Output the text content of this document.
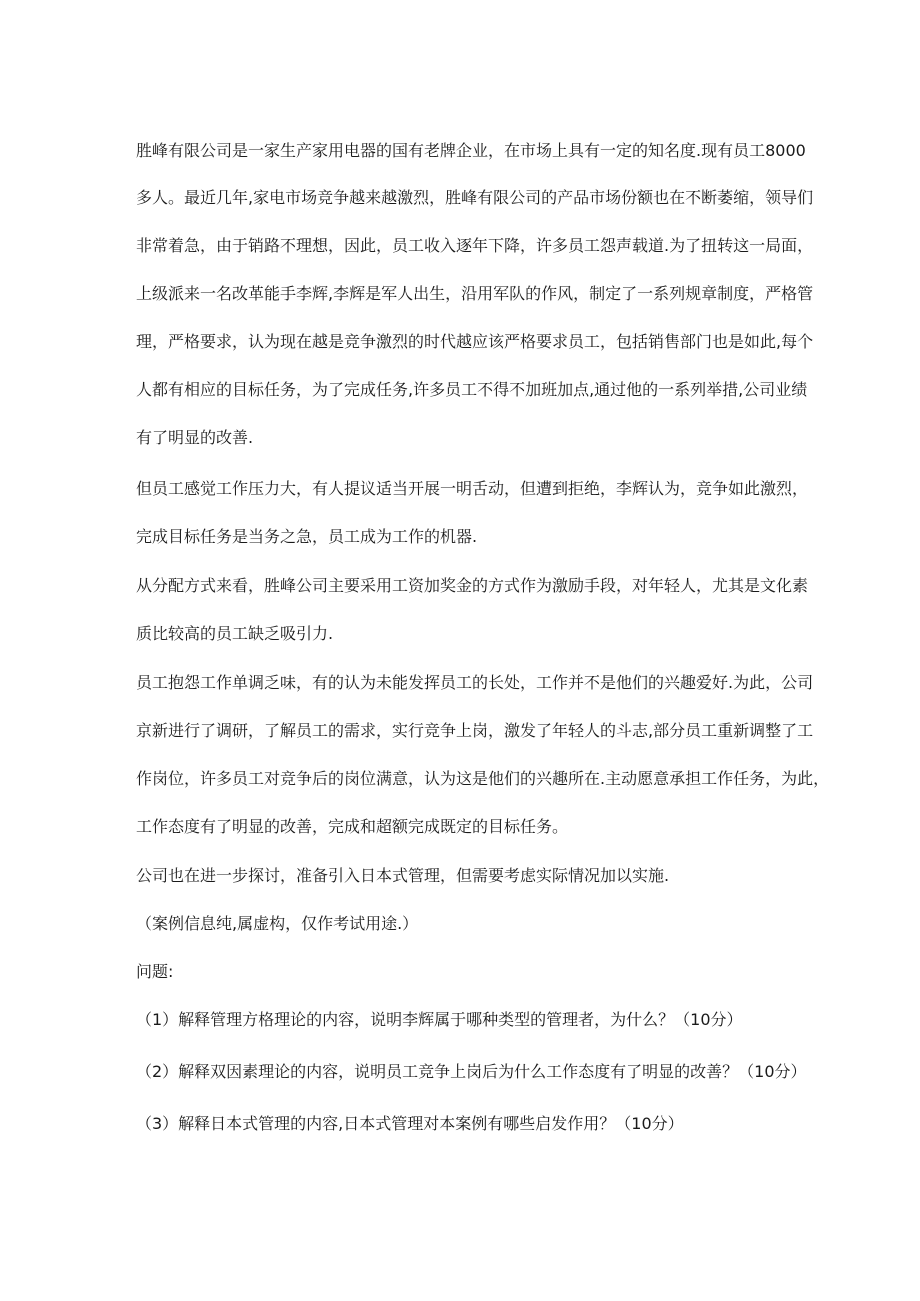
胜峰有限公司是一家生产家用电器的国有老牌企业，在市场上具有一定的知名度.现有员工8000
多人。最近几年,家电市场竞争越来越激烈，胜峰有限公司的产品市场份额也在不断萎缩，领导们
非常着急，由于销路不理想，因此，员工收入逐年下降，许多员工怨声载道.为了扭转这一局面，
上级派来一名改革能手李辉,李辉是军人出生，沿用军队的作风，制定了一系列规章制度，严格管
理，严格要求，认为现在越是竞争激烈的时代越应该严格要求员工，包括销售部门也是如此,每个
人都有相应的目标任务，为了完成任务,许多员工不得不加班加点,通过他的一系列举措,公司业绩
有了明显的改善.
但员工感觉工作压力大，有人提议适当开展一明舌动，但遭到拒绝，李辉认为，竞争如此激烈，
完成目标任务是当务之急，员工成为工作的机器.
从分配方式来看，胜峰公司主要采用工资加奖金的方式作为激励手段，对年轻人，尤其是文化素
质比较高的员工缺乏吸引力.
员工抱怨工作单调乏味，有的认为未能发挥员工的长处，工作并不是他们的兴趣爱好.为此，公司
京新进行了调研，了解员工的需求，实行竞争上岗，激发了年轻人的斗志,部分员工重新调整了工
作岗位，许多员工对竞争后的岗位满意，认为这是他们的兴趣所在.主动愿意承担工作任务，为此，
工作态度有了明显的改善，完成和超额完成既定的目标任务。
公司也在进一步探讨，准备引入日本式管理，但需要考虑实际情况加以实施.
（案例信息纯,属虚构，仅作考试用途.）
问题:
（1）解释管理方格理论的内容，说明李辉属于哪种类型的管理者，为什么？（10分）
（2）解释双因素理论的内容，说明员工竞争上岗后为什么工作态度有了明显的改善？（10分）
（3）解释日本式管理的内容,日本式管理对本案例有哪些启发作用？（10分）
